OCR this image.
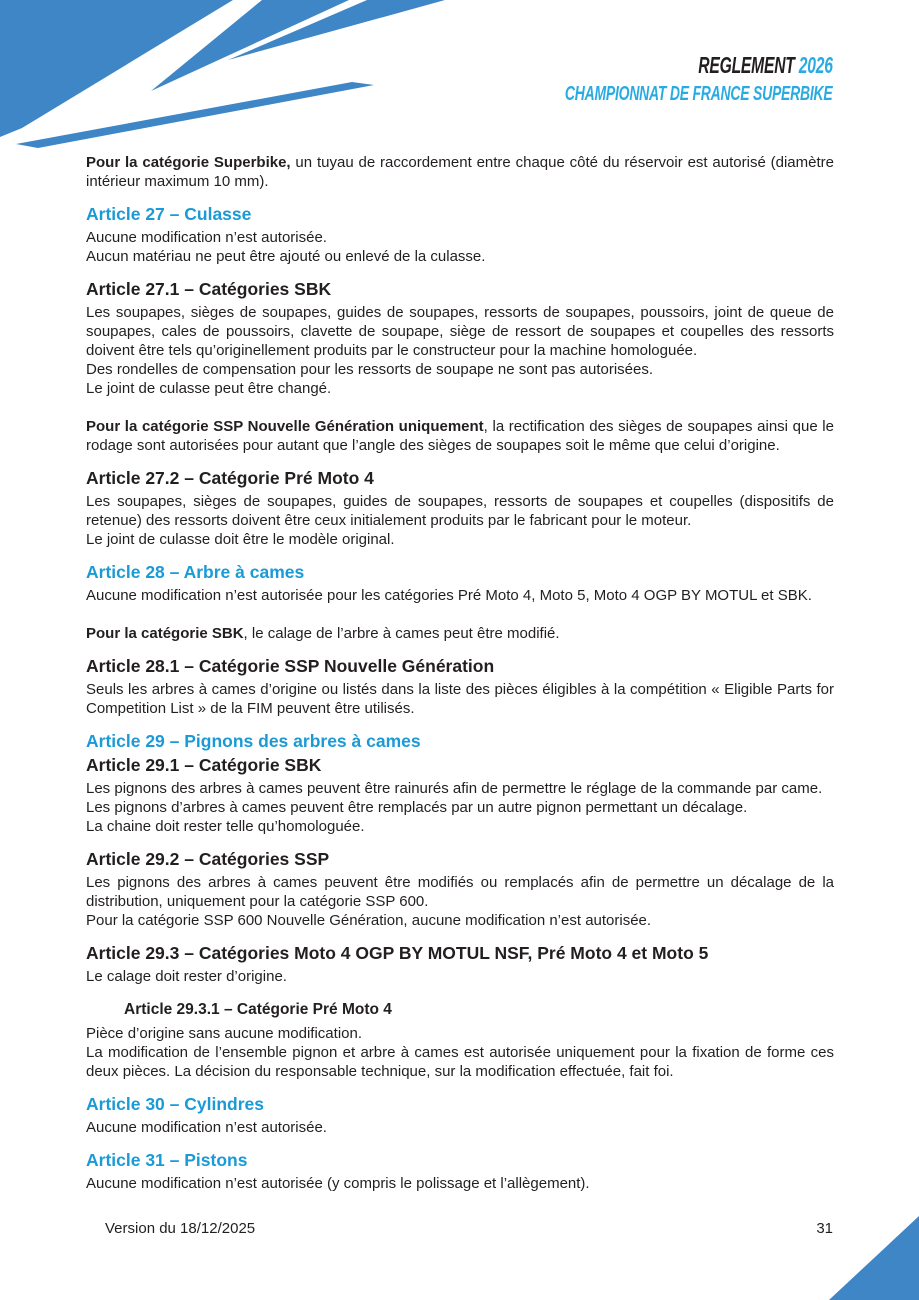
REGLEMENT 2026
CHAMPIONNAT DE FRANCE SUPERBIKE

Pour la catégorie Superbike, un tuyau de raccordement entre chaque côté du réservoir est autorisé (diamètre intérieur maximum 10 mm).

Article 27 – Culasse

Aucune modification n’est autorisée.

Aucun matériau ne peut être ajouté ou enlevé de la culasse.

Article 27.1 – Catégories SBK

Les soupapes, sièges de soupapes, guides de soupapes, ressorts de soupapes, poussoirs, joint de queue de soupapes, cales de poussoirs, clavette de soupape, siège de ressort de soupapes et coupelles des ressorts doivent être tels qu’originellement produits par le constructeur pour la machine homologuée.

Des rondelles de compensation pour les ressorts de soupape ne sont pas autorisées.

Le joint de culasse peut être changé.

Pour la catégorie SSP Nouvelle Génération uniquement, la rectification des sièges de soupapes ainsi que le rodage sont autorisées pour autant que l’angle des sièges de soupapes soit le même que celui d’origine.

Article 27.2 – Catégorie Pré Moto 4

Les soupapes, sièges de soupapes, guides de soupapes, ressorts de soupapes et coupelles (dispositifs de retenue) des ressorts doivent être ceux initialement produits par le fabricant pour le moteur.

Le joint de culasse doit être le modèle original.

Article 28 – Arbre à cames

Aucune modification n’est autorisée pour les catégories Pré Moto 4, Moto 5, Moto 4 OGP BY MOTUL et SBK.

Pour la catégorie SBK, le calage de l’arbre à cames peut être modifié.

Article 28.1 – Catégorie SSP Nouvelle Génération

Seuls les arbres à cames d’origine ou listés dans la liste des pièces éligibles à la compétition « Eligible Parts for Competition List » de la FIM peuvent être utilisés.

Article 29 – Pignons des arbres à cames
Article 29.1 – Catégorie SBK

Les pignons des arbres à cames peuvent être rainurés afin de permettre le réglage de la commande par came.

Les pignons d’arbres à cames peuvent être remplacés par un autre pignon permettant un décalage.

La chaine doit rester telle qu’homologuée.

Article 29.2 – Catégories SSP

Les pignons des arbres à cames peuvent être modifiés ou remplacés afin de permettre un décalage de la distribution, uniquement pour la catégorie SSP 600.

Pour la catégorie SSP 600 Nouvelle Génération, aucune modification n’est autorisée.

Article 29.3 – Catégories Moto 4 OGP BY MOTUL NSF, Pré Moto 4 et Moto 5

Le calage doit rester d’origine.

Article 29.3.1 – Catégorie Pré Moto 4

Pièce d’origine sans aucune modification.

La modification de l’ensemble pignon et arbre à cames est autorisée uniquement pour la fixation de forme ces deux pièces. La décision du responsable technique, sur la modification effectuée, fait foi.

Article 30 – Cylindres

Aucune modification n’est autorisée.

Article 31 – Pistons

Aucune modification n’est autorisée (y compris le polissage et l’allègement).

Version du 18/12/2025	31
